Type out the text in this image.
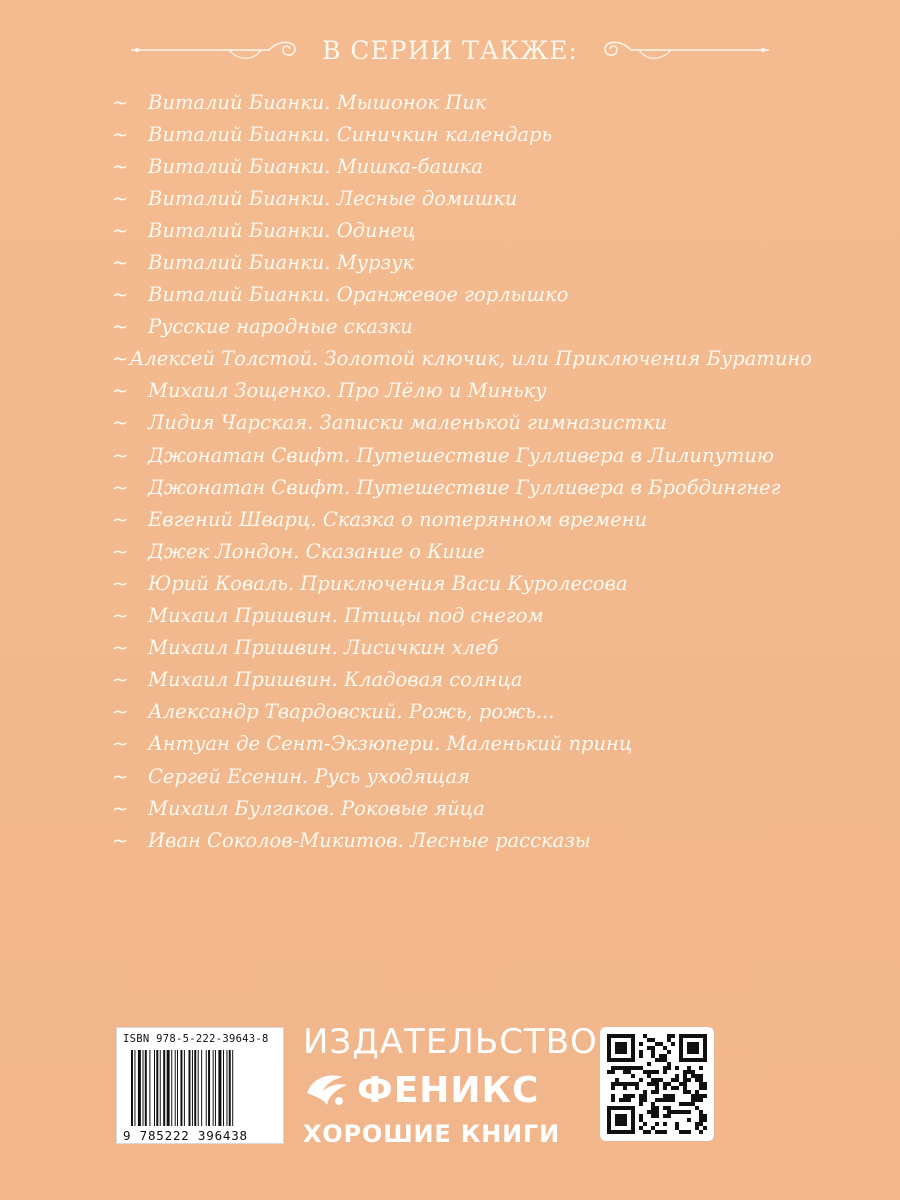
В СЕРИИ ТАКЖЕ:
~	Виталий Бианки. Мышонок Пик
~	Виталий Бианки. Синичкин календарь
~	Виталий Бианки. Мишка-башка
~	Виталий Бианки. Лесные домишки
~	Виталий Бианки. Одинец
~	Виталий Бианки. Мурзук
~	Виталий Бианки. Оранжевое горлышко
~	Русские народные сказки
~ Алексей Толстой. Золотой ключик, или Приключения Буратино
~	Михаил Зощенко. Про Лёлю и Миньку
~	Лидия Чарская. Записки маленькой гимназистки
~	Джонатан Свифт. Путешествие Гулливера в Лилипутию
~	Джонатан Свифт. Путешествие Гулливера в Бробдингнег
~	Евгений Шварц. Сказка о потерянном времени
~	Джек Лондон. Сказание о Кише
~	Юрий Коваль. Приключения Васи Куролесова
~	Михаил Пришвин. Птицы под снегом
~	Михаил Пришвин. Лисичкин хлеб
~	Михаил Пришвин. Кладовая солнца
~	Александр Твардовский. Рожь, рожь...
~	Антуан де Сент-Экзюпери. Маленький принц
~	Сергей Есенин. Русь уходящая
~	Михаил Булгаков. Роковые яйца
~	Иван Соколов-Микитов. Лесные рассказы
ISBN 978-5-222-39643-8
9 785222 396438
ИЗДАТЕЛЬСТВО
ФЕНИКС
ХОРОШИЕ КНИГИ
